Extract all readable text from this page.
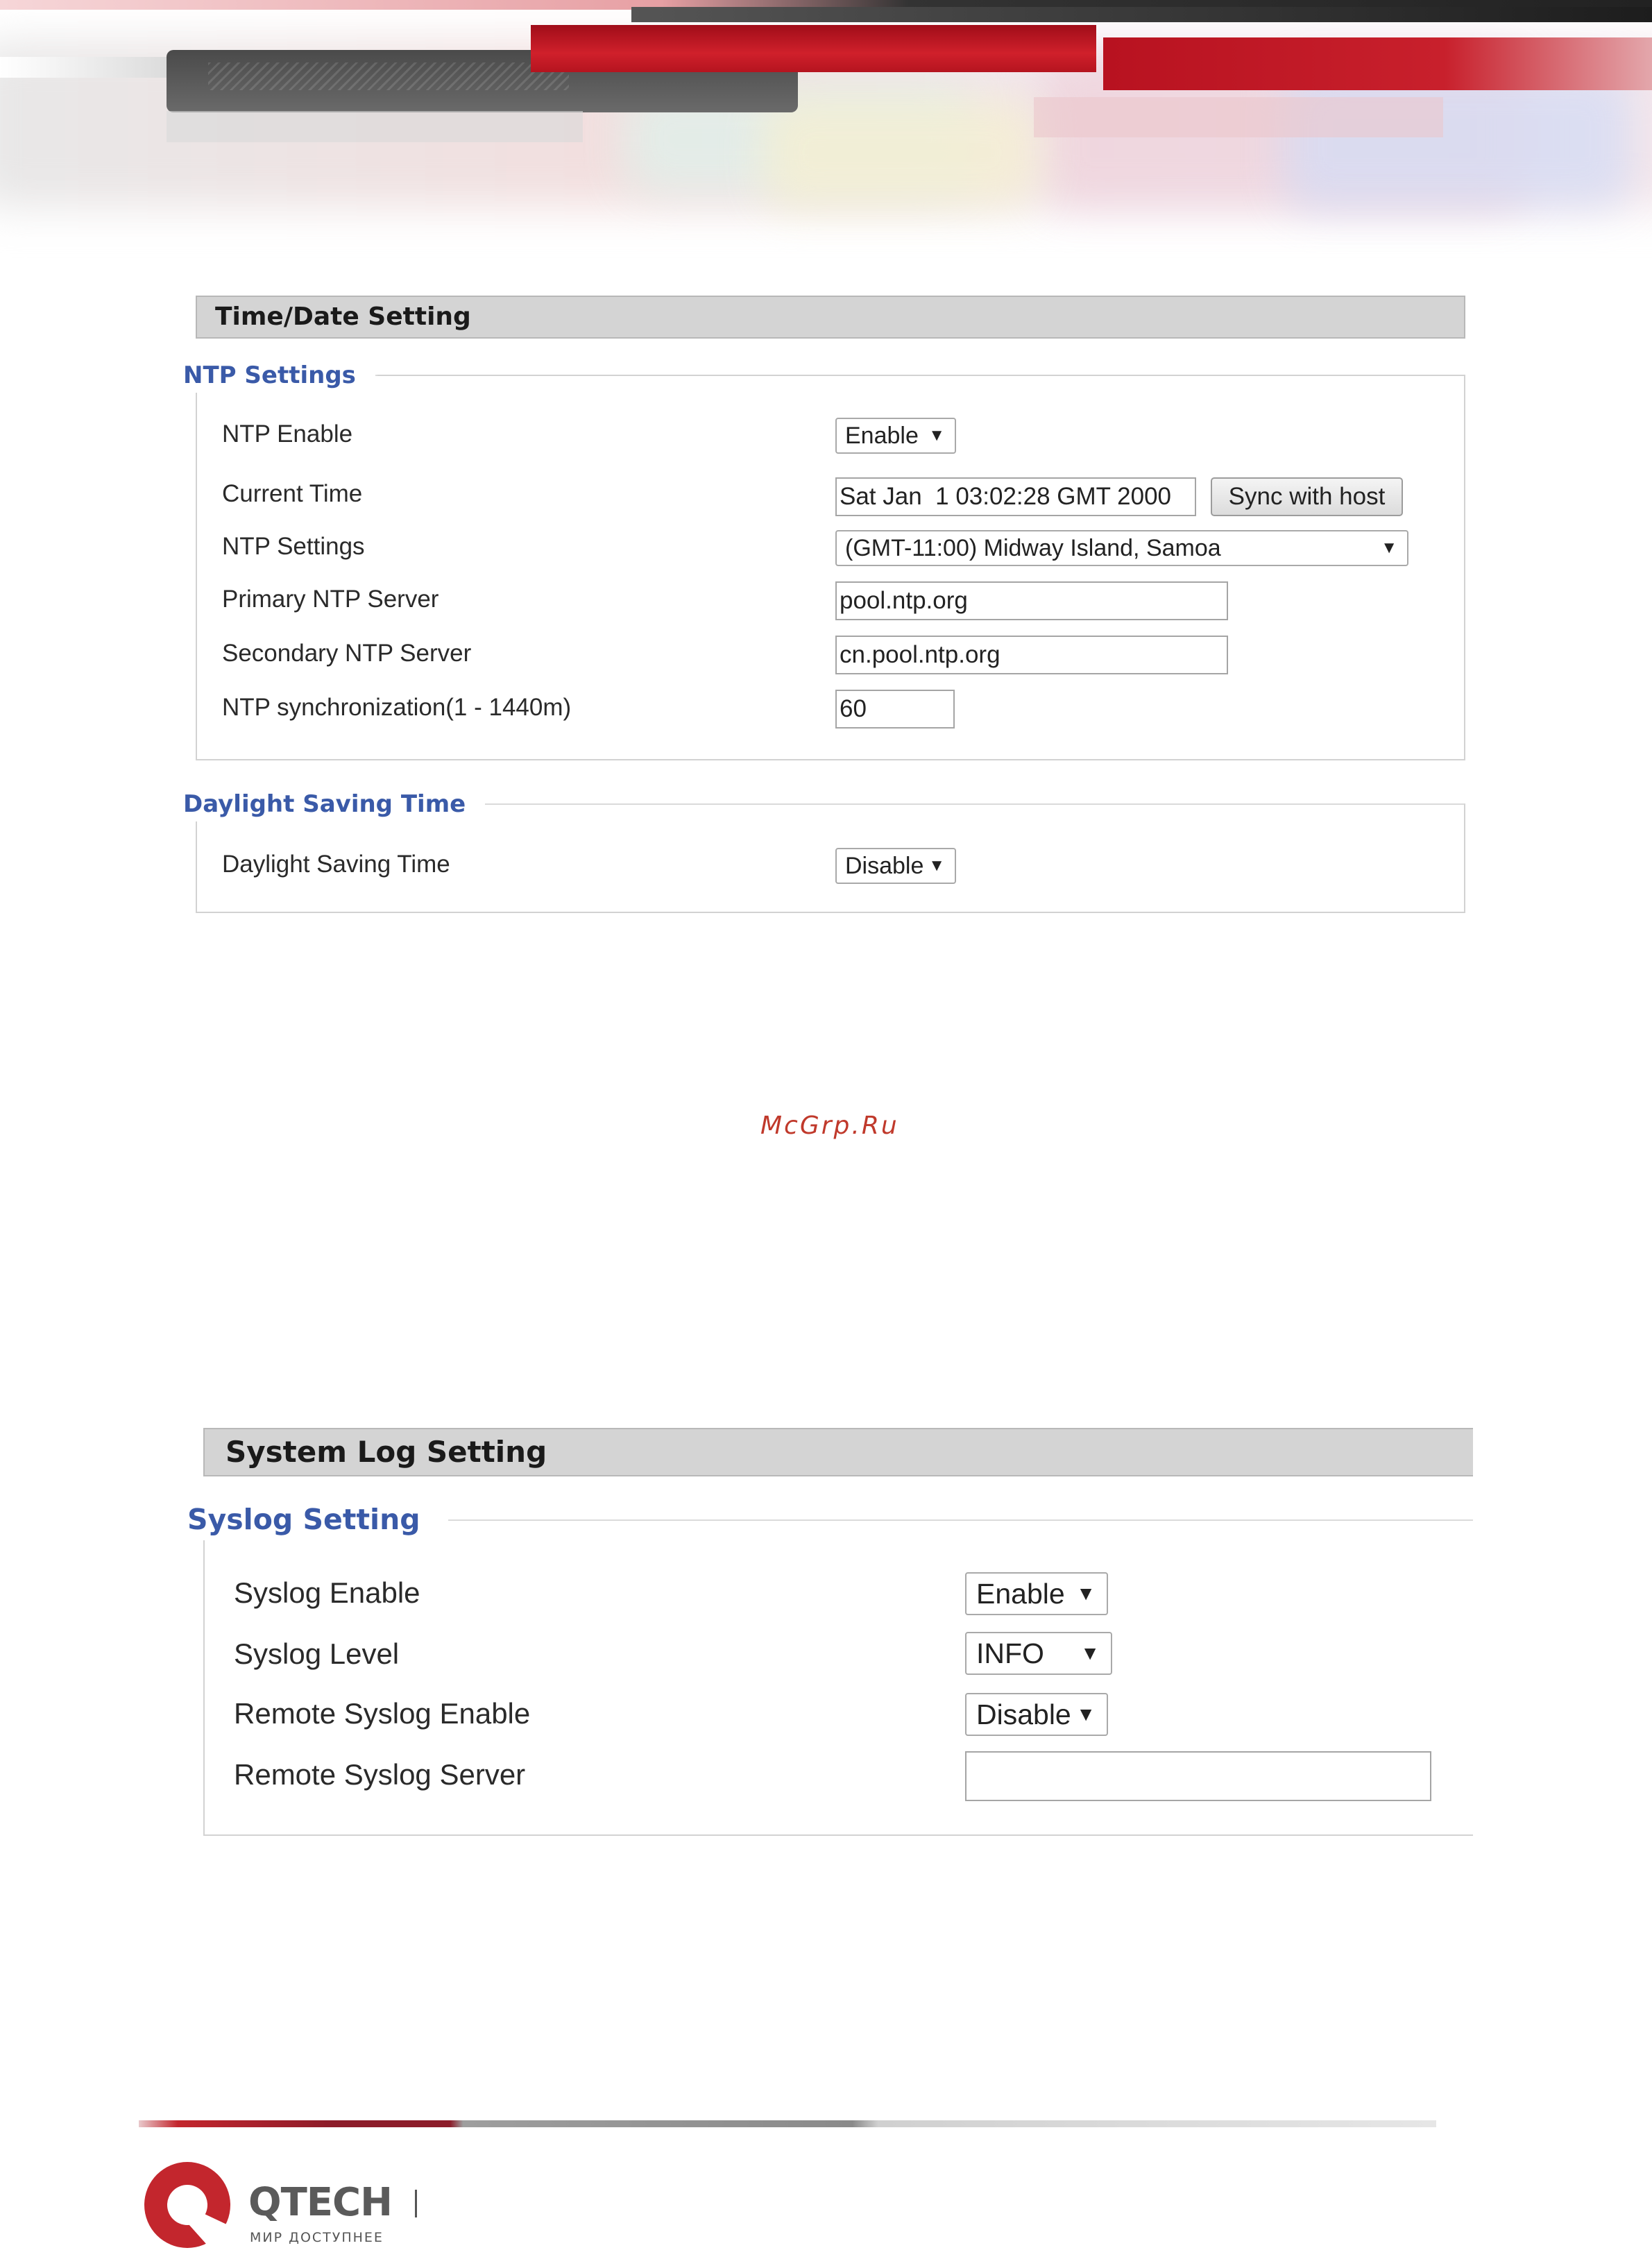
Time/Date Setting
NTP Settings
NTP Enable	Enable ▼
Current Time	Sat Jan  1 03:02:28 GMT 2000	Sync with host
NTP Settings	(GMT-11:00) Midway Island, Samoa	▼
Primary NTP Server	pool.ntp.org
Secondary NTP Server	cn.pool.ntp.org
NTP synchronization(1 - 1440m)	60
Daylight Saving Time
Daylight Saving Time	Disable ▼
McGrp.Ru
System Log Setting
Syslog Setting
Syslog Enable	Enable ▼
Syslog Level	INFO ▼
Remote Syslog Enable	Disable ▼
Remote Syslog Server
QTECH
МИР ДОСТУПНЕЕ
